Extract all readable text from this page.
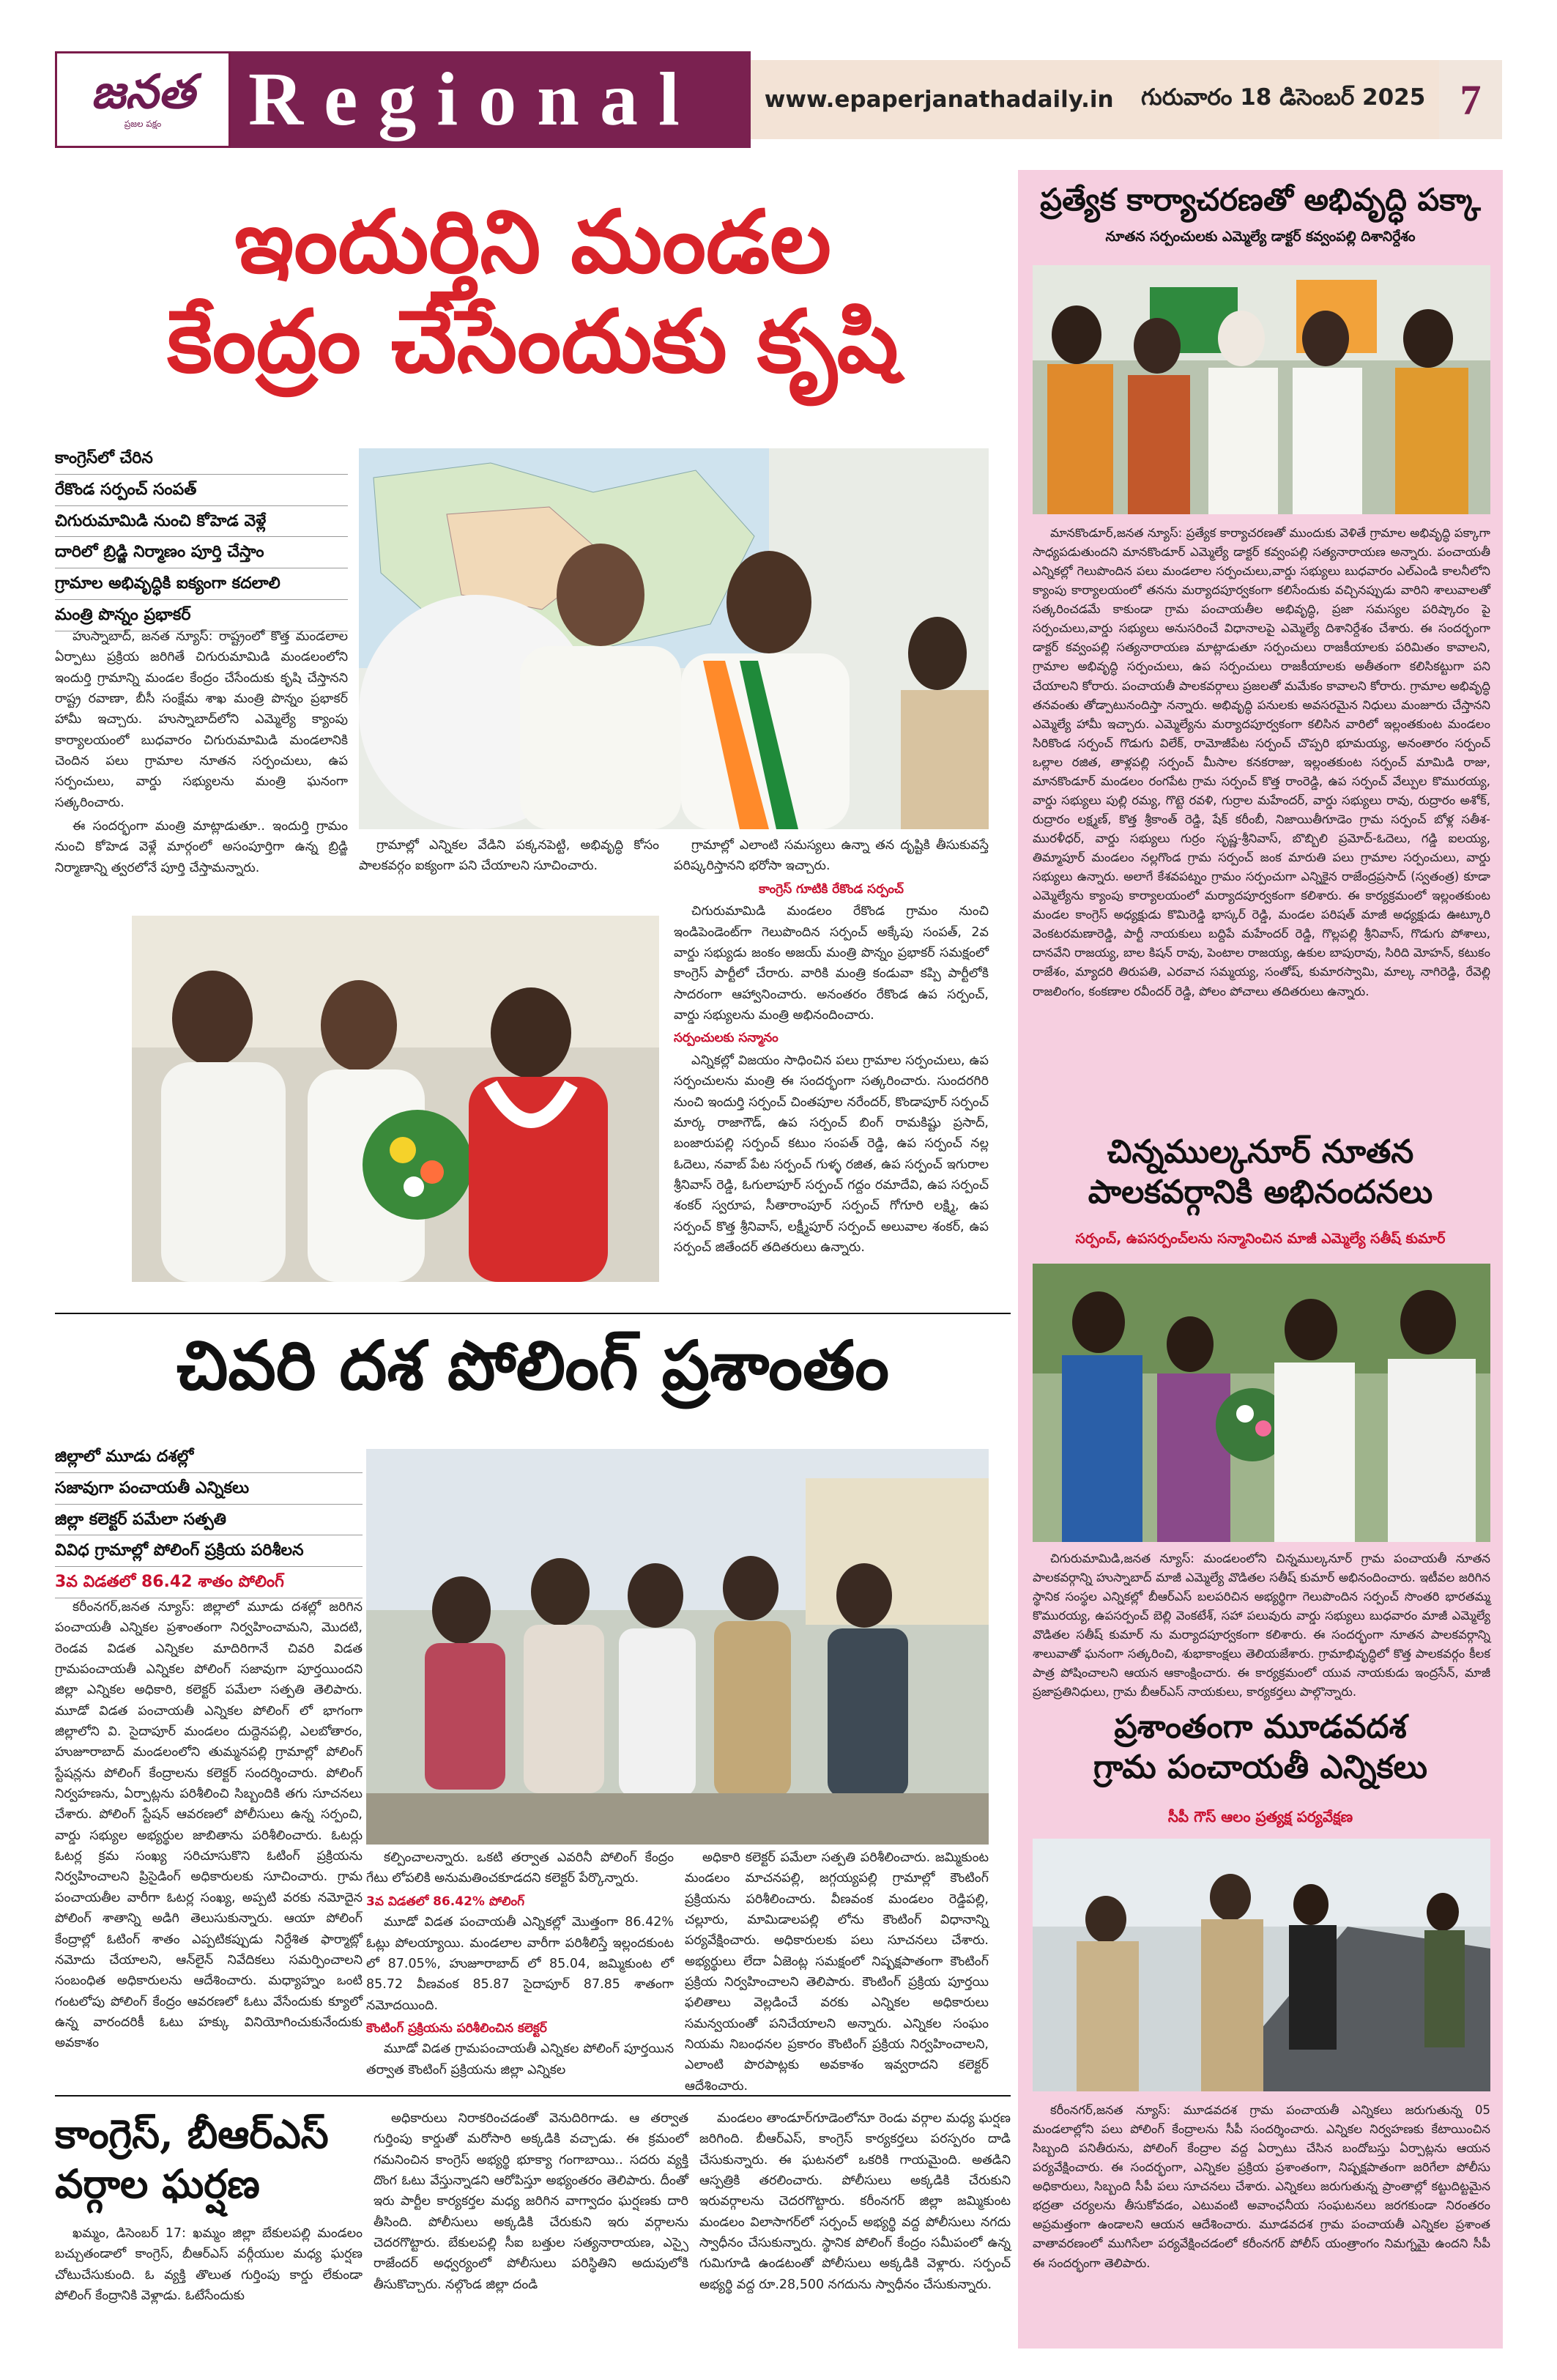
జనత
ప్రజల పక్షం Regional	www.epaperjanathadaily.in గురువారం 18 డిసెంబర్ 2025 7
ఇందుర్తిని మండల
కేంద్రం చేసేందుకు కృషి
కాంగ్రెస్‌లో చేరిన
రేకొండ సర్పంచ్ సంపత్
చిగురుమామిడి నుంచి కోహెడ వెళ్లే
దారిలో బ్రిడ్జి నిర్మాణం పూర్తి చేస్తాం
గ్రామాల అభివృద్ధికి ఐక్యంగా కదలాలి
మంత్రి పొన్నం ప్రభాకర్

హుస్నాబాద్, జనత న్యూస్: రాష్ట్రంలో కొత్త మండలాల ఏర్పాటు ప్రక్రియ జరిగితే చిగురుమామిడి మండలంలోని ఇందుర్తి గ్రామాన్ని మండల కేంద్రం చేసేందుకు కృషి చేస్తానని రాష్ట్ర రవాణా, బీసీ సంక్షేమ శాఖ మంత్రి పొన్నం ప్రభాకర్ హామీ ఇచ్చారు. హుస్నాబాద్‌లోని ఎమ్మెల్యే క్యాంపు కార్యాలయంలో బుధవారం చిగురుమామిడి మండలానికి చెందిన పలు గ్రామాల నూతన సర్పంచులు, ఉప సర్పంచులు, వార్డు సభ్యులను మంత్రి ఘనంగా సత్కరించారు.

ఈ సందర్భంగా మంత్రి మాట్లాడుతూ.. ఇందుర్తి గ్రామం నుంచి కోహెడ వెళ్లే మార్గంలో అసంపూర్తిగా ఉన్న బ్రిడ్జి నిర్మాణాన్ని త్వరలోనే పూర్తి చేస్తామన్నారు.

గ్రామాల్లో ఎన్నికల వేడిని పక్కనపెట్టి, అభివృద్ధి కోసం పాలకవర్గం ఐక్యంగా పని చేయాలని సూచించారు.

గ్రామాల్లో ఎలాంటి సమస్యలు ఉన్నా తన దృష్టికి తీసుకువస్తే పరిష్కరిస్తానని భరోసా ఇచ్చారు.

కాంగ్రెస్ గూటికి రేకొండ సర్పంచ్

చిగురుమామిడి మండలం రేకొండ గ్రామం నుంచి ఇండిపెండెంట్‌గా గెలుపొందిన సర్పంచ్ అక్కేపు సంపత్, 2వ వార్డు సభ్యుడు జంకం అజయ్ మంత్రి పొన్నం ప్రభాకర్ సమక్షంలో కాంగ్రెస్ పార్టీలో చేరారు. వారికి మంత్రి కండువా కప్పి పార్టీలోకి సాదరంగా ఆహ్వానించారు. అనంతరం రేకొండ ఉప సర్పంచ్, వార్డు సభ్యులను మంత్రి అభినందించారు.

సర్పంచులకు సన్మానం

ఎన్నికల్లో విజయం సాధించిన పలు గ్రామాల సర్పంచులు, ఉప సర్పంచులను మంత్రి ఈ సందర్భంగా సత్కరించారు. సుందరగిరి నుంచి ఇందుర్తి సర్పంచ్ చింతపూల నరేందర్, కొండాపూర్ సర్పంచ్ మార్క రాజాగౌడ్, ఉప సర్పంచ్ బింగ్ రామకిష్టు ప్రసాద్, బంజారుపల్లి సర్పంచ్ కటుం సంపత్ రెడ్డి, ఉప సర్పంచ్ నల్ల ఓదెలు, నవాబ్ పేట సర్పంచ్ గుళ్ళ రజిత, ఉప సర్పంచ్ ఇగురాల శ్రీనివాస్ రెడ్డి, ఓగులాపూర్ సర్పంచ్ గద్దం రమాదేవి, ఉప సర్పంచ్ శంకర్ స్వరూప, సీతారాంపూర్ సర్పంచ్ గోగూరి లక్ష్మి, ఉప సర్పంచ్ కొత్త శ్రీనివాస్, లక్ష్మీపూర్ సర్పంచ్ అలువాల శంకర్, ఉప సర్పంచ్ జితేందర్ తదితరులు ఉన్నారు.

చివరి దశ పోలింగ్ ప్రశాంతం
జిల్లాలో మూడు దశల్లో
సజావుగా పంచాయతీ ఎన్నికలు
జిల్లా కలెక్టర్ పమేలా సత్పతి
వివిధ గ్రామాల్లో పోలింగ్ ప్రక్రియ పరిశీలన
3వ విడతలో 86.42 శాతం పోలింగ్

కరీంనగర్,జనత న్యూస్: జిల్లాలో మూడు దశల్లో జరిగిన పంచాయతీ ఎన్నికల ప్రశాంతంగా నిర్వహించామని, మొదటి, రెండవ విడత ఎన్నికల మాదిరిగానే చివరి విడత గ్రామపంచాయతీ ఎన్నికల పోలింగ్ సజావుగా పూర్తయిందని జిల్లా ఎన్నికల అధికారి, కలెక్టర్ పమేలా సత్పతి తెలిపారు. మూడో విడత పంచాయతీ ఎన్నికల పోలింగ్ లో భాగంగా జిల్లాలోని వి. సైదాపూర్ మండలం దుద్దెనపల్లి, ఎలబోతారం, హుజూరాబాద్ మండలంలోని తుమ్మనపల్లి గ్రామాల్లో పోలింగ్ స్టేషన్లను పోలింగ్ కేంద్రాలను కలెక్టర్ సందర్శించారు. పోలింగ్ నిర్వహణను, ఏర్పాట్లను పరిశీలించి సిబ్బందికి తగు సూచనలు చేశారు. పోలింగ్ స్టేషన్ ఆవరణలో పోలీసులు ఉన్న సర్పంచి, వార్డు సభ్యుల అభ్యర్థుల జాబితాను పరిశీలించారు. ఓటర్లు ఓటర్ల క్రమ సంఖ్య సరిచూసుకొని ఓటింగ్ ప్రక్రియను నిర్వహించాలని ప్రిసైడింగ్ అధికారులకు సూచించారు. గ్రామ పంచాయతీల వారీగా ఓటర్ల సంఖ్య, అప్పటి వరకు నమోదైన పోలింగ్ శాతాన్ని అడిగి తెలుసుకున్నారు. ఆయా పోలింగ్ కేంద్రాల్లో ఓటింగ్ శాతం ఎప్పటికప్పుడు నిర్దేశిత ఫార్మాట్లో నమోదు చేయాలని, ఆన్‌లైన్ నివేదికలు సమర్పించాలని సంబంధిత అధికారులను ఆదేశించారు. మధ్యాహ్నం ఒంటి గంటలోపు పోలింగ్ కేంద్రం ఆవరణలో ఓటు వేసేందుకు క్యూలో ఉన్న వారందరికీ ఓటు హక్కు వినియోగించుకునేందుకు అవకాశం

కల్పించాలన్నారు. ఒకటి తర్వాత ఎవరినీ పోలింగ్ కేంద్రం గేటు లోపలికి అనుమతించకూడదని కలెక్టర్ పేర్కొన్నారు.

3వ విడతలో 86.42% పోలింగ్

మూడో విడత పంచాయతీ ఎన్నికల్లో మొత్తంగా 86.42% ఓట్లు పోలయ్యాయి. మండలాల వారీగా పరిశీలిస్తే ఇల్లందకుంట లో 87.05%, హుజూరాబాద్ లో 85.04, జమ్మికుంట లో 85.72 వీణవంక 85.87 సైదాపూర్ 87.85 శాతంగా నమోదయింది.

కౌంటింగ్ ప్రక్రియను పరిశీలించిన కలెక్టర్

మూడో విడత గ్రామపంచాయతీ ఎన్నికల పోలింగ్ పూర్తయిన తర్వాత కౌంటింగ్ ప్రక్రియను జిల్లా ఎన్నికల

అధికారి కలెక్టర్ పమేలా సత్పతి పరిశీలించారు. జమ్మికుంట మండలం మాచనపల్లి, జగ్గయ్యపల్లి గ్రామాల్లో కౌంటింగ్ ప్రక్రియను పరిశీలించారు. వీణవంక మండలం రెడ్డిపల్లి, చల్లూరు, మామిడాలపల్లి లోను కౌంటింగ్ విధానాన్ని పర్యవేక్షించారు. అధికారులకు పలు సూచనలు చేశారు. అభ్యర్థులు లేదా ఏజెంట్ల సమక్షంలో నిష్పక్షపాతంగా కౌంటింగ్ ప్రక్రియ నిర్వహించాలని తెలిపారు. కౌంటింగ్ ప్రక్రియ పూర్తయి ఫలితాలు వెల్లడించే వరకు ఎన్నికల అధికారులు సమన్వయంతో పనిచేయాలని అన్నారు. ఎన్నికల సంఘం నియమ నిబంధనల ప్రకారం కౌంటింగ్ ప్రక్రియ నిర్వహించాలని, ఎలాంటి పొరపాట్లకు అవకాశం ఇవ్వరాదని కలెక్టర్ ఆదేశించారు.

కాంగ్రెస్, బీఆర్ఎస్
వర్గాల ఘర్షణ

ఖమ్మం, డిసెంబర్ 17: ఖమ్మం జిల్లా బేకులపల్లి మండలం బచ్చుతండాలో కాంగ్రెస్, బీఆర్ఎస్ వర్గీయుల మధ్య ఘర్షణ చోటుచేసుకుంది. ఓ వ్యక్తి తొలుత గుర్తింపు కార్డు లేకుండా పోలింగ్ కేంద్రానికి వెళ్లాడు. ఓటేసేందుకు

అధికారులు నిరాకరించడంతో వెనుదిరిగాడు. ఆ తర్వాత గుర్తింపు కార్డుతో మరోసారి అక్కడికి వచ్చాడు. ఈ క్రమంలో గమనించిన కాంగ్రెస్ అభ్యర్థి భూక్యా గంగాబాయి.. సదరు వ్యక్తి దొంగ ఓటు వేస్తున్నాడని ఆరోపిస్తూ అభ్యంతరం తెలిపారు. దీంతో ఇరు పార్టీల కార్యకర్తల మధ్య జరిగిన వాగ్వాదం ఘర్షణకు దారి తీసింది. పోలీసులు అక్కడికి చేరుకుని ఇరు వర్గాలను చెదరగొట్టారు. బేకులపల్లి సీఐ బత్తుల సత్యనారాయణ, ఎస్సై రాజేందర్ అధ్వర్యంలో పోలీసులు పరిస్థితిని అదుపులోకి తీసుకొచ్చారు. నల్గొండ జిల్లా దండి

మండలం తాండూర్‌గూడెంలోనూ రెండు వర్గాల మధ్య ఘర్షణ జరిగింది. బీఆర్ఎస్, కాంగ్రెస్ కార్యకర్తలు పరస్పరం దాడి చేసుకున్నారు. ఈ ఘటనలో ఒకరికి గాయమైంది. అతడిని ఆస్పత్రికి తరలించారు. పోలీసులు అక్కడికి చేరుకుని ఇరువర్గాలను చెదరగొట్టారు. కరీంనగర్ జిల్లా జమ్మికుంట మండలం విలాసాగర్‌లో సర్పంచ్ అభ్యర్థి వద్ద పోలీసులు నగదు స్వాధీనం చేసుకున్నారు. స్థానిక పోలింగ్ కేంద్రం సమీపంలో ఉన్న గుమిగూడి ఉండటంతో పోలీసులు అక్కడికి వెళ్లారు. సర్పంచ్ అభ్యర్థి వద్ద రూ.28,500 నగదును స్వాధీనం చేసుకున్నారు.

ప్రత్యేక కార్యాచరణతో అభివృద్ధి పక్కా
నూతన సర్పంచులకు ఎమ్మెల్యే డాక్టర్ కవ్వంపల్లి దిశానిర్దేశం

మానకొండూర్,జనత న్యూస్: ప్రత్యేక కార్యాచరణతో ముందుకు వెళితే గ్రామాల అభివృద్ధి పక్కాగా సాధ్యపడుతుందని మానకొండూర్ ఎమ్మెల్యే డాక్టర్ కవ్వంపల్లి సత్యనారాయణ అన్నారు. పంచాయతీ ఎన్నికల్లో గెలుపొందిన పలు మండలాల సర్పంచులు,వార్డు సభ్యులు బుధవారం ఎల్ఎండి కాలనీలోని క్యాంపు కార్యాలయంలో తనను మర్యాదపూర్వకంగా కలిసేందుకు వచ్చినప్పుడు వారిని శాలువాలతో సత్కరించడమే కాకుండా గ్రామ పంచాయతీల అభివృద్ధి, ప్రజా సమస్యల పరిష్కారం పై సర్పంచులు,వార్డు సభ్యులు అనుసరించే విధానాలపై ఎమ్మెల్యే దిశానిర్దేశం చేశారు. ఈ సందర్భంగా డాక్టర్ కవ్వంపల్లి సత్యనారాయణ మాట్లాడుతూ సర్పంచులు రాజకీయాలకు పరిమితం కావాలని, గ్రామాల అభివృద్ధి సర్పంచులు, ఉప సర్పంచులు రాజకీయాలకు అతీతంగా కలిసికట్టుగా పని చేయాలని కోరారు. పంచాయతీ పాలకవర్గాలు ప్రజలతో మమేకం కావాలని కోరారు. గ్రామాల అభివృద్ధి తనవంతు తోడ్పాటునందిస్తా నన్నారు. అభివృద్ధి పనులకు అవసరమైన నిధులు మంజూరు చేస్తానని ఎమ్మెల్యే హామీ ఇచ్చారు. ఎమ్మెల్యేను మర్యాదపూర్వకంగా కలిసిన వారిలో ఇల్లంతకుంట మండలం సిరికొండ సర్పంచ్ గొడుగు విలేక్, రామోజీపేట సర్పంచ్ చొప్పరి భూమయ్య, అనంతారం సర్పంచ్ ఒల్లాల రజిత, తాళ్లపల్లి సర్పంచ్ మీసాల కనకరాజు, ఇల్లంతకుంట సర్పంచ్ మామిడి రాజు, మానకొండూర్ మండలం రంగపేట గ్రామ సర్పంచ్ కొత్త రాంరెడ్డి, ఉప సర్పంచ్ వేల్పుల కొమురయ్య, వార్డు సభ్యులు పుల్లి రమ్య, గొట్టె రవళి, గుర్రాల మహేందర్, వార్డు సభ్యులు రావు, రుద్రారం అశోక్, రుద్రారం లక్ష్మణ్, కొత్త శ్రీకాంత్ రెడ్డి, షేక్ కరీంబీ, నిజాయితీగూడెం గ్రామ సర్పంచ్ బోళ్ల సతీశ-మురళీధర్, వార్డు సభ్యులు గుర్రం సృష్ణ-శ్రీనివాస్, బొబ్బిలి ప్రమోద్-ఓదెలు, గడ్డి ఐలయ్య, తిమ్మాపూర్ మండలం నల్లగొండ గ్రామ సర్పంచ్ జంక మారుతి పలు గ్రామాల సర్పంచులు, వార్డు సభ్యులు ఉన్నారు. అలాగే కేశవపట్నం గ్రామం సర్పంచుగా ఎన్నికైన రాజేంద్రప్రసాద్ (స్వతంత్ర) కూడా ఎమ్మెల్యేను క్యాంపు కార్యాలయంలో మర్యాదపూర్వకంగా కలిశారు. ఈ కార్యక్రమంలో ఇల్లంతకుంట మండల కాంగ్రెస్ అధ్యక్షుడు కొమిరెడ్డి భాస్కర్ రెడ్డి, మండల పరిషత్ మాజీ అధ్యక్షుడు ఊట్కూరి వెంకటరమణారెడ్డి, పార్టీ నాయకులు బద్దిపే మహేందర్ రెడ్డి, గొల్లపల్లి శ్రీనివాస్, గొడుగు పోశాలు, దానవేని రాజయ్య, బాల కిషన్ రావు, పెంటాల రాజయ్య, ఉకుల బాపురావు, సిరిది మోహన్, కటుకం రాజేశం, మ్యాదరి తిరుపతి, ఎరవాచ సమ్మయ్య, సంతోష్, కుమారస్వామి, మాల్క నాగిరెడ్డి, రేవెల్లి రాజలింగం, కంకణాల రవీందర్ రెడ్డి, పోలం పోచాలు తదితరులు ఉన్నారు.

చిన్నముల్కనూర్ నూతన
పాలకవర్గానికి అభినందనలు
సర్పంచ్, ఉపసర్పంచ్‌లను సన్మానించిన మాజీ ఎమ్మెల్యే సతీష్ కుమార్

చిగురుమామిడి,జనత న్యూస్: మండలంలోని చిన్నముల్కనూర్ గ్రామ పంచాయతీ నూతన పాలకవర్గాన్ని హుస్నాబాద్ మాజీ ఎమ్మెల్యే వొడితల సతీష్ కుమార్ అభినందించారు. ఇటీవల జరిగిన స్థానిక సంస్థల ఎన్నికల్లో బీఆర్ఎస్ బలపరిచిన అభ్యర్థిగా గెలుపొందిన సర్పంచ్ సొంతరి భారతమ్మ కొమురయ్య, ఉపసర్పంచ్ బెల్లి వెంకటేశ్, సహా పలువురు వార్డు సభ్యులు బుధవారం మాజీ ఎమ్మెల్యే వొడితల సతీష్ కుమార్ ను మర్యాదపూర్వకంగా కలిశారు. ఈ సందర్భంగా నూతన పాలకవర్గాన్ని శాలువాతో ఘనంగా సత్కరించి, శుభాకాంక్షలు తెలియజేశారు. గ్రామాభివృద్ధిలో కొత్త పాలకవర్గం కీలక పాత్ర పోషించాలని ఆయన ఆకాంక్షించారు. ఈ కార్యక్రమంలో యువ నాయకుడు ఇంద్రసేన్, మాజీ ప్రజాప్రతినిధులు, గ్రామ బీఆర్ఎస్ నాయకులు, కార్యకర్తలు పాల్గొన్నారు.

ప్రశాంతంగా మూడవదశ
గ్రామ పంచాయతీ ఎన్నికలు
సీపీ గౌస్ ఆలం ప్రత్యక్ష పర్యవేక్షణ

కరీంనగర్,జనత న్యూస్: మూడవదశ గ్రామ పంచాయతీ ఎన్నికలు జరుగుతున్న 05 మండలాల్లోని పలు పోలింగ్ కేంద్రాలను సీపీ సందర్శించారు. ఎన్నికల నిర్వహణకు కేటాయించిన సిబ్బంది పనితీరును, పోలింగ్ కేంద్రాల వద్ద ఏర్పాటు చేసిన బందోబస్తు ఏర్పాట్లను ఆయన పర్యవేక్షించారు. ఈ సందర్భంగా, ఎన్నికల ప్రక్రియ ప్రశాంతంగా, నిష్పక్షపాతంగా జరిగేలా పోలీసు అధికారులు, సిబ్బంది సీపీ పలు సూచనలు చేశారు. ఎన్నికలు జరుగుతున్న ప్రాంతాల్లో కట్టుదిట్టమైన భద్రతా చర్యలను తీసుకోవడం, ఎటువంటి అవాంఛనీయ సంఘటనలు జరగకుండా నిరంతరం అప్రమత్తంగా ఉండాలని ఆయన ఆదేశించారు. మూడవదశ గ్రామ పంచాయతీ ఎన్నికల ప్రశాంత వాతావరణంలో ముగిసేలా పర్యవేక్షించడంలో కరీంనగర్ పోలీస్ యంత్రాంగం నిమగ్నమై ఉందని సీపీ ఈ సందర్భంగా తెలిపారు.
